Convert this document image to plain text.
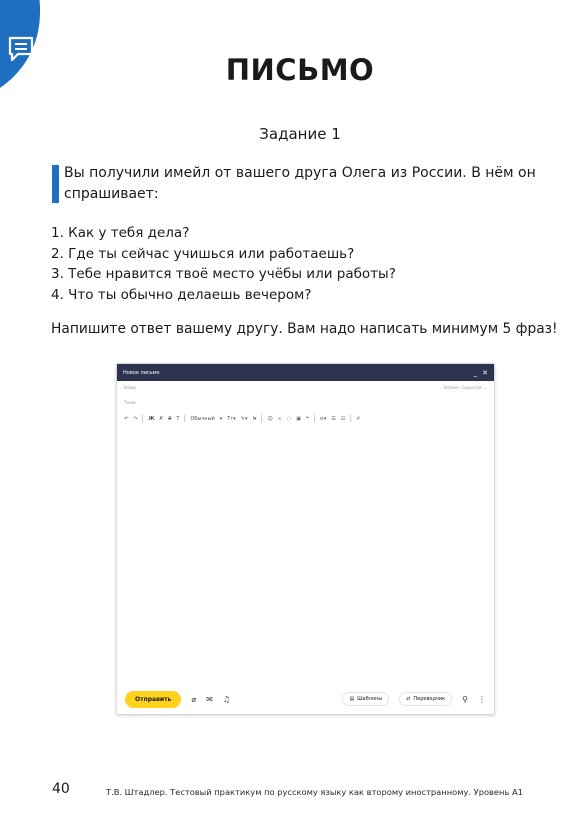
ПИСЬМО
Задание 1
Вы получили имейл от вашего друга Олега из России. В нём он спрашивает:
1. Как у тебя дела?
2. Где ты сейчас учишься или работаешь?
3. Тебе нравится твоё место учёбы или работы?
4. Что ты обычно делаешь вечером?
Напишите ответ вашему другу. Вам надо написать минимум 5 фраз!
Новое письмо	_ ✕
Кому	Копия, Скрытая ⌄
Тема
↶ ↷ Ж К З T Обычный ▾ Tт▾ ✎▾ I▾ ☺ ∞ ◌ ▣ ❝ ≡▾ ☰ ☷ ✐
Отправить	⌀ ✉ ♫	▤ Шаблоны	⇄ Переводчик ⚲ ⋮
40	Т.В. Штадлер. Тестовый практикум по русскому языку как второму иностранному. Уровень А1
